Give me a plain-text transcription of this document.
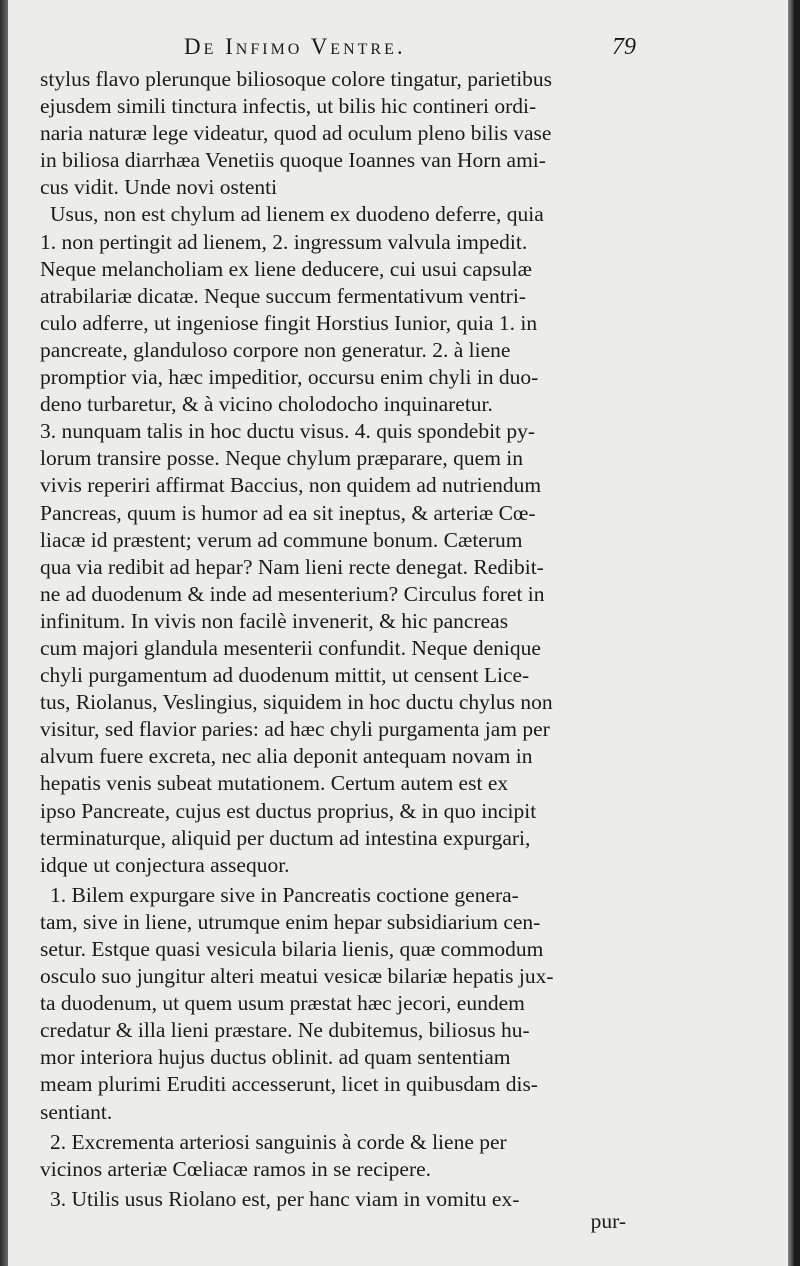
De Infimo Ventre.	79
stylus flavo plerunque biliosoque colore tingatur, parietibus
ejusdem simili tinctura infectis, ut bilis hic contineri ordi-
naria naturæ lege videatur, quod ad oculum pleno bilis vase
in biliosa diarrhæa Venetiis quoque Ioannes van Horn ami-
cus vidit. Unde novi ostenti
Usus, non est chylum ad lienem ex duodeno deferre, quia
1. non pertingit ad lienem, 2. ingressum valvula impedit.
Neque melancholiam ex liene deducere, cui usui capsulæ
atrabilariæ dicatæ. Neque succum fermentativum ventri-
culo adferre, ut ingeniose fingit Horstius Iunior, quia 1. in
pancreate, glanduloso corpore non generatur. 2. à liene
promptior via, hæc impeditior, occursu enim chyli in duo-
deno turbaretur, & à vicino cholodocho inquinaretur.
3. nunquam talis in hoc ductu visus. 4. quis spondebit py-
lorum transire posse. Neque chylum præparare, quem in
vivis reperiri affirmat Baccius, non quidem ad nutriendum
Pancreas, quum is humor ad ea sit ineptus, & arteriæ Cœ-
liacæ id præstent; verum ad commune bonum. Cæterum
qua via redibit ad hepar? Nam lieni recte denegat. Redibit-
ne ad duodenum & inde ad mesenterium? Circulus foret in
infinitum. In vivis non facilè invenerit, & hic pancreas
cum majori glandula mesenterii confundit. Neque denique
chyli purgamentum ad duodenum mittit, ut censent Lice-
tus, Riolanus, Veslingius, siquidem in hoc ductu chylus non
visitur, sed flavior paries: ad hæc chyli purgamenta jam per
alvum fuere excreta, nec alia deponit antequam novam in
hepatis venis subeat mutationem. Certum autem est ex
ipso Pancreate, cujus est ductus proprius, & in quo incipit
terminaturque, aliquid per ductum ad intestina expurgari,
idque ut conjectura assequor.
1. Bilem expurgare sive in Pancreatis coctione genera-
tam, sive in liene, utrumque enim hepar subsidiarium cen-
setur. Estque quasi vesicula bilaria lienis, quæ commodum
osculo suo jungitur alteri meatui vesicæ bilariæ hepatis jux-
ta duodenum, ut quem usum præstat hæc jecori, eundem
credatur & illa lieni præstare. Ne dubitemus, biliosus hu-
mor interiora hujus ductus oblinit. ad quam sententiam
meam plurimi Eruditi accesserunt, licet in quibusdam dis-
sentiant.
2. Excrementa arteriosi sanguinis à corde & liene per
vicinos arteriæ Cœliacæ ramos in se recipere.
3. Utilis usus Riolano est, per hanc viam in vomitu ex-
pur-
